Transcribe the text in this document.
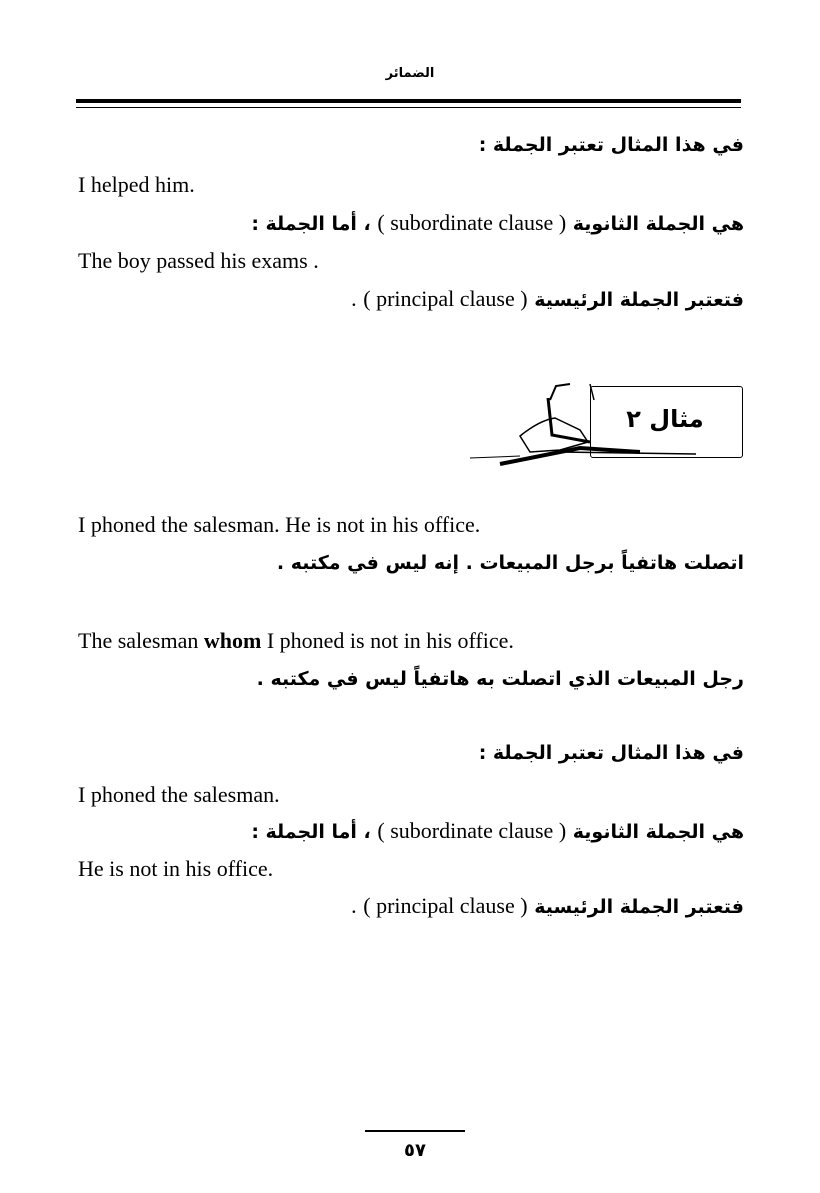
الضمائر
في هذا المثال تعتبر الجملة :
I helped him.
هي الجملة الثانوية ( subordinate clause ) ، أما الجملة :
The boy passed his exams .
فتعتبر الجملة الرئيسية ( principal clause ) .
مثال ٢
I phoned the salesman. He is not in his office.
اتصلت هاتفياً برجل المبيعات . إنه ليس في مكتبه .
The salesman whom I phoned is not in his office.
رجل المبيعات الذي اتصلت به هاتفياً ليس في مكتبه .
في هذا المثال تعتبر الجملة :
I phoned the salesman.
هي الجملة الثانوية ( subordinate clause ) ، أما الجملة :
He is not in his office.
فتعتبر الجملة الرئيسية ( principal clause ) .
٥٧
